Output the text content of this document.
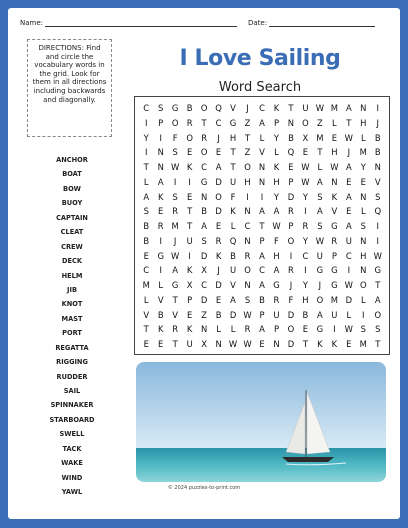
Name:	Date:
DIRECTIONS: Find and circle the vocabulary words in the grid. Look for them in all directions including backwards and diagonally.
I Love Sailing
Word Search
ANCHOR
BOAT
BOW
BUOY
CAPTAIN
CLEAT
CREW
DECK
HELM
JIB
KNOT
MAST
PORT
REGATTA
RIGGING
RUDDER
SAIL
SPINNAKER
STARBOARD
SWELL
TACK
WAKE
WIND
YAWL
C	S	G B O Q V	J	C	K	T	U W M A	N	I
I	P	O R	T	C G Z	A	P	N O Z	L	T	H	J
Y	I	F	O R	J	H	T	L	Y	B	X M E W L	B
I	N	S	E	O	E	T	Z	V	L	Q	E	T	H	J	M B
T	N W K	C	A	T	O N	K	E W L W A	Y	N
L	A	I	I	G D U H N H	P W A	N	E	E	V
A	K	S	E	N O	F	I	I	Y	D	Y	S	K	A	N	S
S	E	R	T	B D	K	N	A	A	R	I	A	V	E	L	Q
B	R M T	A	E	L	C	T W P	R	S	G A	S	I
B	I	J	U	S	R Q N	P	F	O	Y W R	U N	I
E	G W	I	D	K	B	R	A	H	I	C	U	P	C H W
C	I	A	K	X	J	U O C	A	R	I	G G	I	N G
M	L	G X	C D V	N	A G	J	Y	J	G W O	T
L	V	T	P	D	E	A	S	B	R	F	H O M D	L	A
V	B	V	E	Z	B D W P	U D B	A	U	L	I	O
T	K	R	K	N	L	L	R	A	P	O	E	G	I	W S	S
E	E	T	U	X	N W W E	N D	T	K	K	E M T
© 2024 puzzles-to-print.com
